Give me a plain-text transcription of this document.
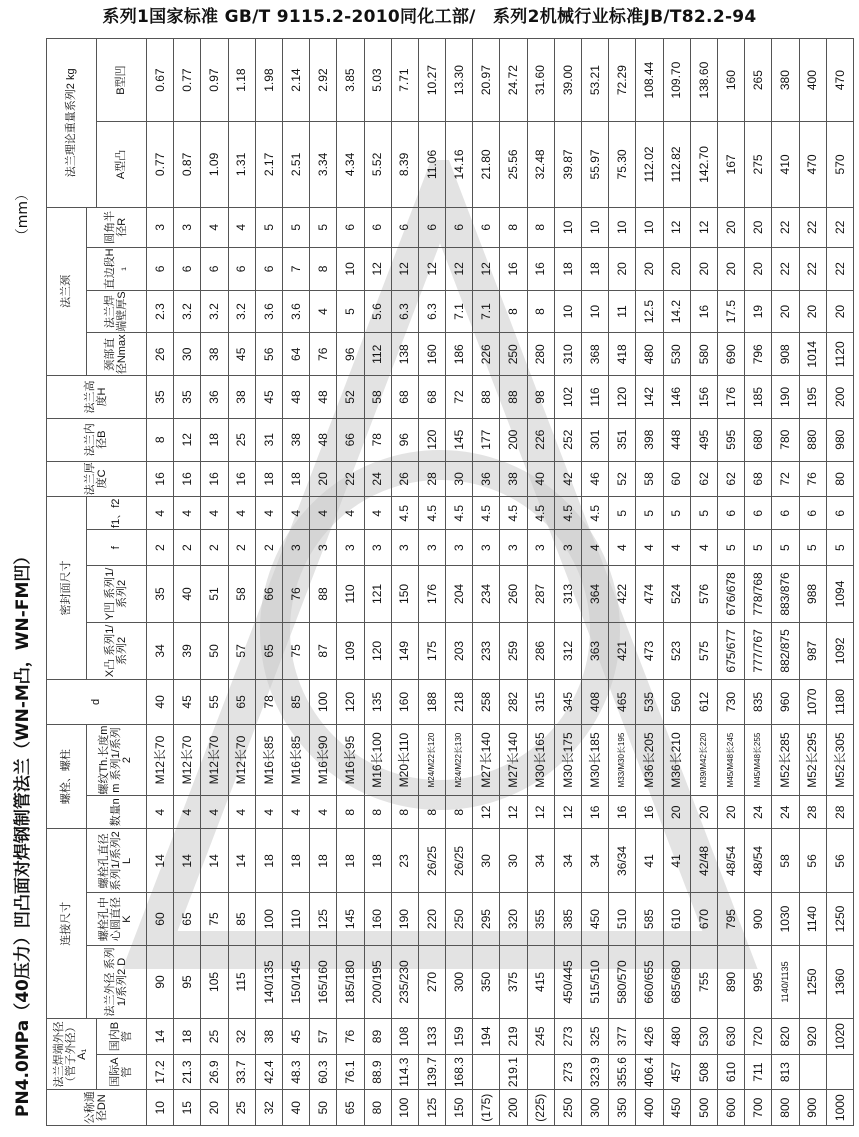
系列1国家标准 GB/T 9115.2-2010同化工部/　系列2机械行业标准JB/T82.2-94
PN4.0MPa（40压力）凹凸面对焊钢制管法兰（WN-M凸，WN-FM凹）
（mm）
公称通径DN	法兰焊端外径（管子外径）A₁		连接尺寸			螺栓、螺柱		d	密封面尺寸				法兰厚度C	法兰内径B	法兰高度H	法兰颈				法兰理论重量系列2 kg	
			法兰外径 系列1/系列2 D	螺栓孔中心圆直径K	螺栓孔直径 系列1/系列2 L	数量n	螺纹Th.长度mm 系列1/系列2		X凸 系列1/系列2	Y凹 系列1/系列2	f	f1、f2				颈部直径Nmax	法兰焊端壁厚S	直边段H₁	圆角半径R		
	国际A管	国内B管																		A型凸	B型凹
10	17.2	14	90	60	14	4	M12长70	40	34	35	2	4	16	8	35	26	2.3	6	3	0.77	0.67
15	21.3	18	95	65	14	4	M12长70	45	39	40	2	4	16	12	35	30	3.2	6	3	0.87	0.77
20	26.9	25	105	75	14	4	M12长70	55	50	51	2	4	16	18	36	38	3.2	6	4	1.09	0.97
25	33.7	32	115	85	14	4	M12长70	65	57	58	2	4	16	25	38	45	3.2	6	4	1.31	1.18
32	42.4	38	140/135	100	18	4	M16长85	78	65	66	2	4	18	31	45	56	3.6	6	5	2.17	1.98
40	48.3	45	150/145	110	18	4	M16长85	85	75	76	3	4	18	38	48	64	3.6	7	5	2.51	2.14
50	60.3	57	165/160	125	18	4	M16长90	100	87	88	3	4	20	48	48	76	4	8	5	3.34	2.92
65	76.1	76	185/180	145	18	8	M16长95	120	109	110	3	4	22	66	52	96	5	10	6	4.34	3.85
80	88.9	89	200/195	160	18	8	M16长100	135	120	121	3	4	24	78	58	112	5.6	12	6	5.52	5.03
100	114.3	108	235/230	190	23	8	M20长110	160	149	150	3	4.5	26	96	68	138	6.3	12	6	8.39	7.71
125	139.7	133	270	220	26/25	8	M24/M22长120	188	175	176	3	4.5	28	120	68	160	6.3	12	6	11.06	10.27
150	168.3	159	300	250	26/25	8	M24/M22长130	218	203	204	3	4.5	30	145	72	186	7.1	12	6	14.16	13.30
(175)		194	350	295	30	12	M27长140	258	233	234	3	4.5	36	177	88	226	7.1	12	6	21.80	20.97
200	219.1	219	375	320	30	12	M27长140	282	259	260	3	4.5	38	200	88	250	8	16	8	25.56	24.72
(225)		245	415	355	34	12	M30长165	315	286	287	3	4.5	40	226	98	280	8	16	8	32.48	31.60
250	273	273	450/445	385	34	12	M30长175	345	312	313	3	4.5	42	252	102	310	10	18	10	39.87	39.00
300	323.9	325	515/510	450	34	16	M30长185	408	363	364	4	4.5	46	301	116	368	10	18	10	55.97	53.21
350	355.6	377	580/570	510	36/34	16	M33/M30长195	465	421	422	4	5	52	351	120	418	11	20	10	75.30	72.29
400	406.4	426	660/655	585	41	16	M36长205	535	473	474	4	5	58	398	142	480	12.5	20	10	112.02	108.44
450	457	480	685/680	610	41	20	M36长210	560	523	524	4	5	60	448	146	530	14.2	20	12	112.82	109.70
500	508	530	755	670	42/48	20	M39/M42长220	612	575	576	4	5	62	495	156	580	16	20	12	142.70	138.60
600	610	630	890	795	48/54	20	M45/M48长245	730	675/677	676/678	5	6	62	595	176	690	17.5	20	20	167	160
700	711	720	995	900	48/54	24	M45/M48长255	835	777/767	778/768	5	6	68	680	185	796	19	20	20	275	265
800	813	820	1140/1135	1030	58	24	M52长285	960	882/875	883/876	5	6	72	780	190	908	20	22	22	410	380
900		920	1250	1140	56	28	M52长295	1070	987	988	5	6	76	880	195	1014	20	22	22	470	400
1000		1020	1360	1250	56	28	M52长305	1180	1092	1094	5	6	80	980	200	1120	20	22	22	570	470
